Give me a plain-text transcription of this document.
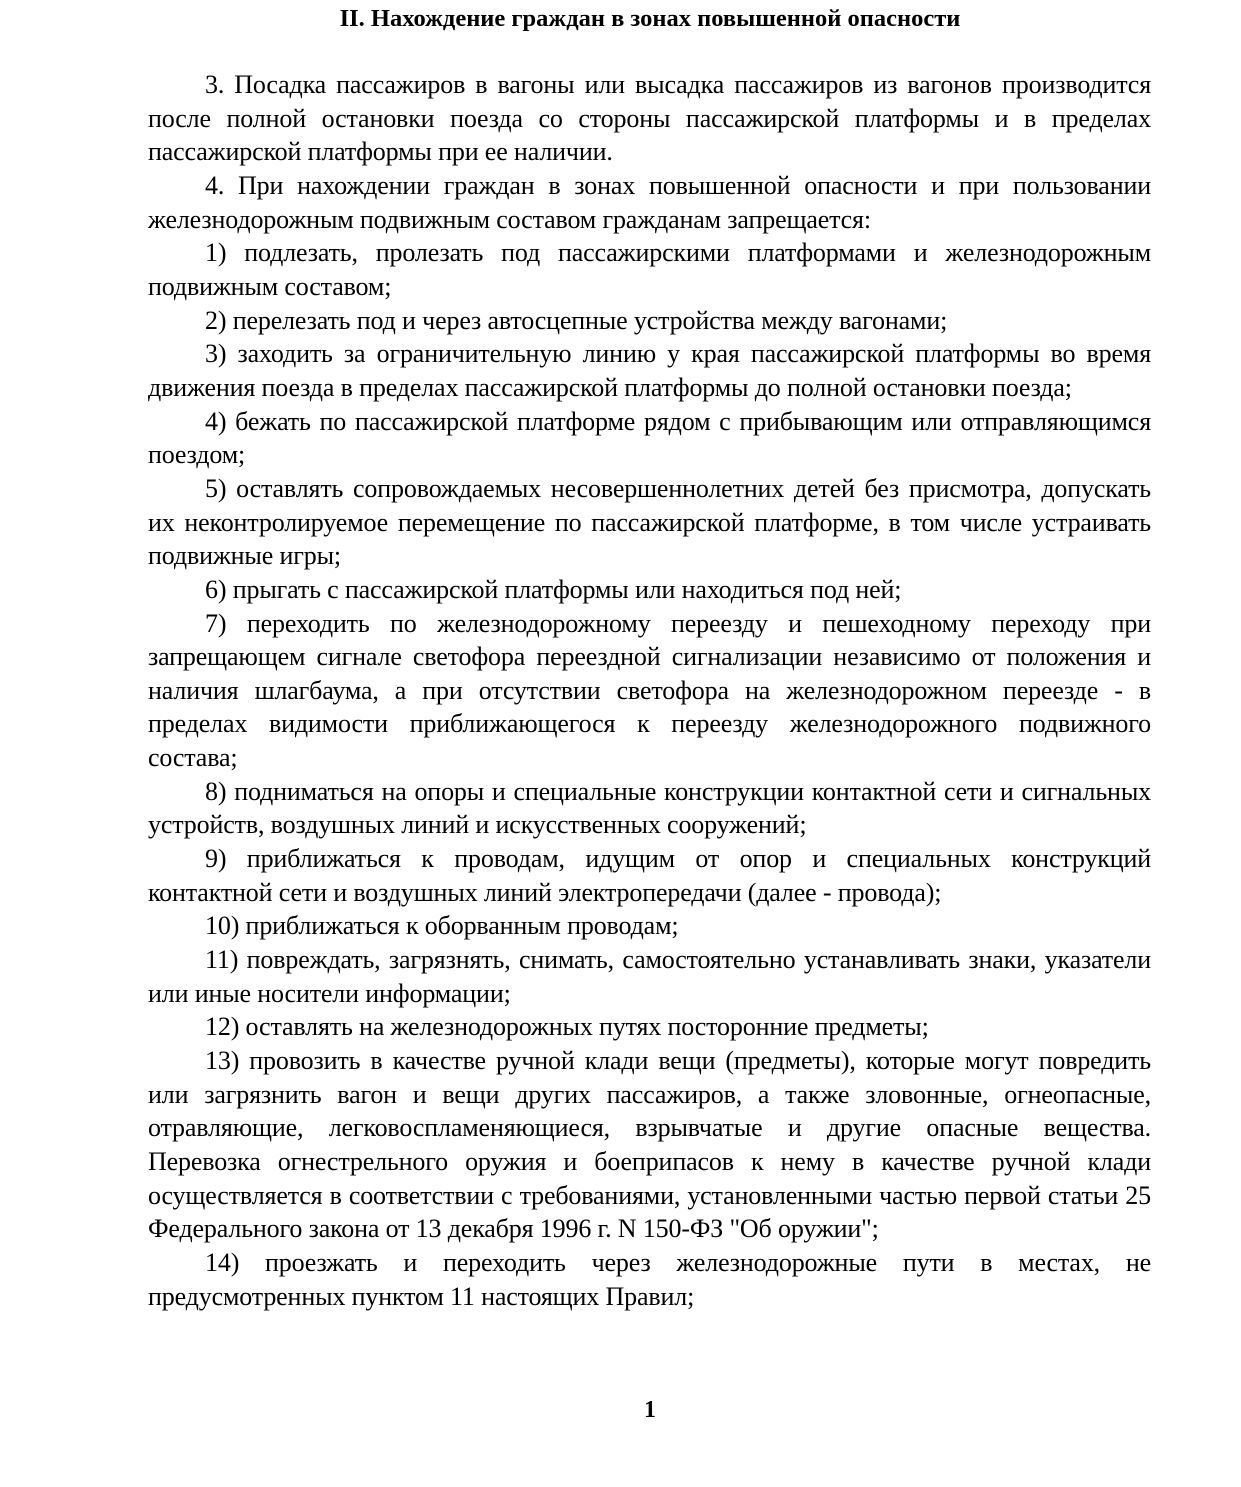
II. Нахождение граждан в зонах повышенной опасности

3. Посадка пассажиров в вагоны или высадка пассажиров из вагонов производится после полной остановки поезда со стороны пассажирской платформы и в пределах пассажирской платформы при ее наличии.

4. При нахождении граждан в зонах повышенной опасности и при пользовании железнодорожным подвижным составом гражданам запрещается:

1) подлезать, пролезать под пассажирскими платформами и железнодорожным подвижным составом;

2) перелезать под и через автосцепные устройства между вагонами;

3) заходить за ограничительную линию у края пассажирской платформы во время движения поезда в пределах пассажирской платформы до полной остановки поезда;

4) бежать по пассажирской платформе рядом с прибывающим или отправляющимся поездом;

5) оставлять сопровождаемых несовершеннолетних детей без присмотра, допускать их неконтролируемое перемещение по пассажирской платформе, в том числе устраивать подвижные игры;

6) прыгать с пассажирской платформы или находиться под ней;

7) переходить по железнодорожному переезду и пешеходному переходу при запрещающем сигнале светофора переездной сигнализации независимо от положения и наличия шлагбаума, а при отсутствии светофора на железнодорожном переезде - в пределах видимости приближающегося к переезду железнодорожного подвижного состава;

8) подниматься на опоры и специальные конструкции контактной сети и сигнальных устройств, воздушных линий и искусственных сооружений;

9) приближаться к проводам, идущим от опор и специальных конструкций контактной сети и воздушных линий электропередачи (далее - провода);

10) приближаться к оборванным проводам;

11) повреждать, загрязнять, снимать, самостоятельно устанавливать знаки, указатели или иные носители информации;

12) оставлять на железнодорожных путях посторонние предметы;

13) провозить в качестве ручной клади вещи (предметы), которые могут повредить или загрязнить вагон и вещи других пассажиров, а также зловонные, огнеопасные, отравляющие, легковоспламеняющиеся, взрывчатые и другие опасные вещества. Перевозка огнестрельного оружия и боеприпасов к нему в качестве ручной клади осуществляется в соответствии с требованиями, установленными частью первой статьи 25 Федерального закона от 13 декабря 1996 г. N 150-ФЗ "Об оружии";

14) проезжать и переходить через железнодорожные пути в местах, не предусмотренных пунктом 11 настоящих Правил;

1
